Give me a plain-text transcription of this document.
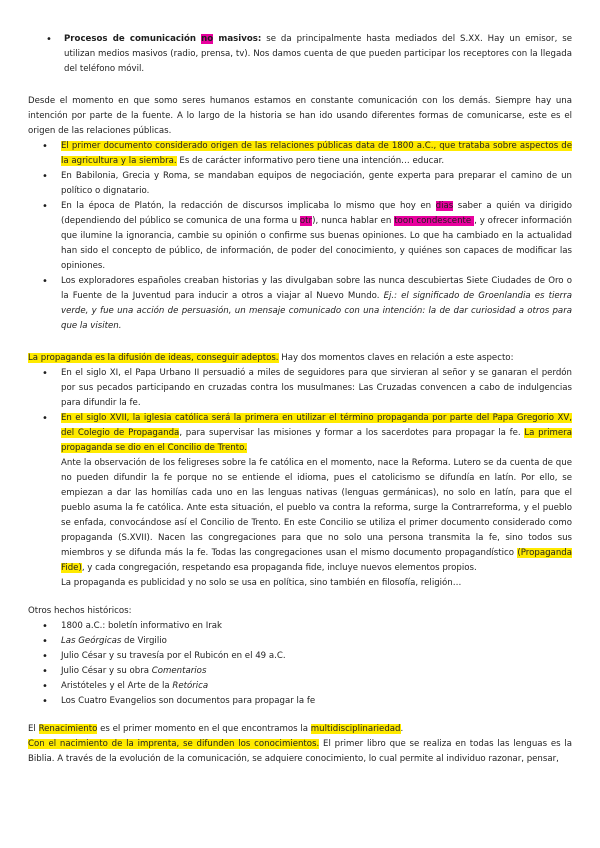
• Procesos de comunicación no masivos: se da principalmente hasta mediados del S.XX. Hay un emisor, se utilizan medios masivos (radio, prensa, tv). Nos damos cuenta de que pueden participar los receptores con la llegada del teléfono móvil.

Desde el momento en que somo seres humanos estamos en constante comunicación con los demás. Siempre hay una intención por parte de la fuente. A lo largo de la historia se han ido usando diferentes formas de comunicarse, este es el origen de las relaciones públicas.

• El primer documento considerado origen de las relaciones públicas data de 1800 a.C., que trataba sobre aspectos de la agricultura y la siembra. Es de carácter informativo pero tiene una intención… educar.
• En Babilonia, Grecia y Roma, se mandaban equipos de negociación, gente experta para preparar el camino de un político o dignatario.
• En la época de Platón, la redacción de discursos implicaba lo mismo que hoy en dias saber a quién va dirigido (dependiendo del público se comunica de una forma u otr), nunca hablar en toon condescente , y ofrecer información que ilumine la ignorancia, cambie su opinión o confirme sus buenas opiniones. Lo que ha cambiado en la actualidad han sido el concepto de público, de información, de poder del conocimiento, y quiénes son capaces de modificar las opiniones.
• Los exploradores españoles creaban historias y las divulgaban sobre las nunca descubiertas Siete Ciudades de Oro o la Fuente de la Juventud para inducir a otros a viajar al Nuevo Mundo. Ej.: el significado de Groenlandia es tierra verde, y fue una acción de persuasión, un mensaje comunicado con una intención: la de dar curiosidad a otros para que la visiten.

La propaganda es la difusión de ideas, conseguir adeptos. Hay dos momentos claves en relación a este aspecto:

• En el siglo XI, el Papa Urbano II persuadió a miles de seguidores para que sirvieran al señor y se ganaran el perdón por sus pecados participando en cruzadas contra los musulmanes: Las Cruzadas convencen a cabo de indulgencias para difundir la fe.
• En el siglo XVII, la iglesia católica será la primera en utilizar el término propaganda por parte del Papa Gregorio XV, del Colegio de Propaganda, para supervisar las misiones y formar a los sacerdotes para propagar la fe. La primera propaganda se dio en el Concilio de Trento.

Ante la observación de los feligreses sobre la fe católica en el momento, nace la Reforma. Lutero se da cuenta de que no pueden difundir la fe porque no se entiende el idioma, pues el catolicismo se difundía en latín. Por ello, se empiezan a dar las homilías cada uno en las lenguas nativas (lenguas germánicas), no solo en latín, para que el pueblo asuma la fe católica. Ante esta situación, el pueblo va contra la reforma, surge la Contrarreforma, y el pueblo se enfada, convocándose así el Concilio de Trento. En este Concilio se utiliza el primer documento considerado como propaganda (S.XVII). Nacen las congregaciones para que no solo una persona transmita la fe, sino todos sus miembros y se difunda más la fe. Todas las congregaciones usan el mismo documento propagandístico (Propaganda Fide), y cada congregación, respetando esa propaganda fide, incluye nuevos elementos propios.

La propaganda es publicidad y no solo se usa en política, sino también en filosofía, religión…

Otros hechos históricos:

• 1800 a.C.: boletín informativo en Irak
• Las Geórgicas de Virgilio
• Julio César y su travesía por el Rubicón en el 49 a.C.
• Julio César y su obra Comentarios
• Aristóteles y el Arte de la Retórica
• Los Cuatro Evangelios son documentos para propagar la fe

El Renacimiento es el primer momento en el que encontramos la multidisciplinariedad.
Con el nacimiento de la imprenta, se difunden los conocimientos. El primer libro que se realiza en todas las lenguas es la Biblia. A través de la evolución de la comunicación, se adquiere conocimiento, lo cual permite al individuo razonar, pensar,
